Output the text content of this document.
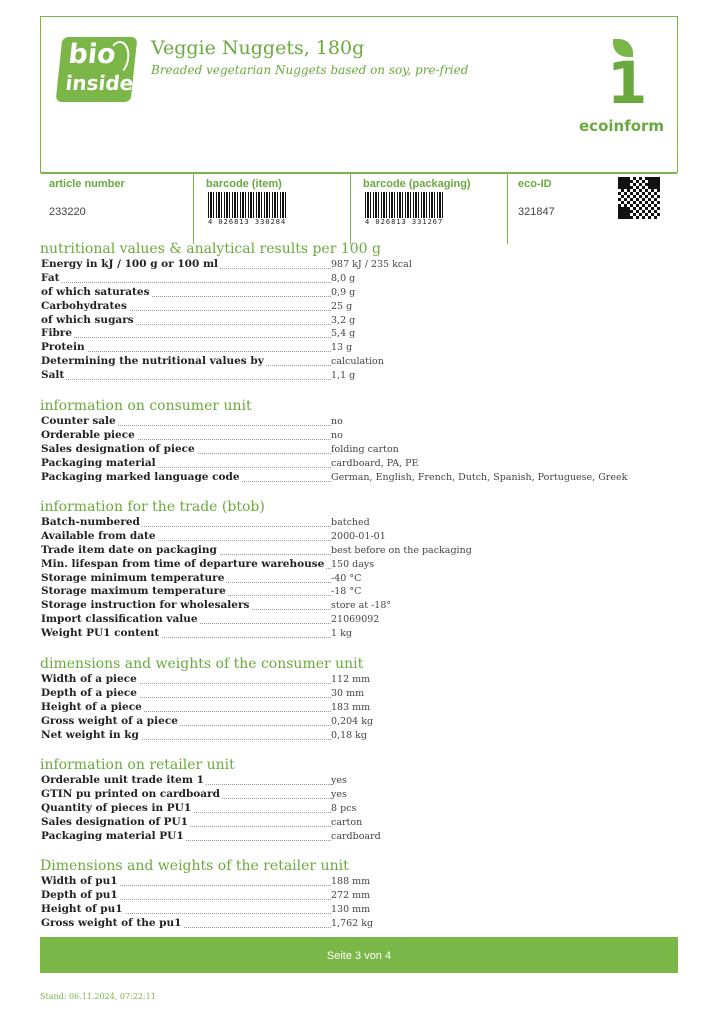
bio
inside
Veggie Nuggets, 180g
Breaded vegetarian Nuggets based on soy, pre-fried 1
ecoinform
article number
233220
barcode (item)
4 026813 330284
barcode (packaging)
4 026813 331267
eco-ID
321847
nutritional values & analytical results per 100 g
Energy in kJ / 100 g or 100 ml	987 kJ / 235 kcal
Fat	8,0 g
of which saturates	0,9 g
Carbohydrates	25 g
of which sugars	3,2 g
Fibre	5,4 g
Protein	13 g
Determining the nutritional values by	calculation
Salt	1,1 g
information on consumer unit
Counter sale	no
Orderable piece	no
Sales designation of piece	folding carton
Packaging material	cardboard, PA, PE
Packaging marked language code	German, English, French, Dutch, Spanish, Portuguese, Greek
information for the trade (btob)
Batch-numbered	batched
Available from date	2000-01-01
Trade item date on packaging	best before on the packaging
Min. lifespan from time of departure warehouse 150 days
Storage minimum temperature	-40 °C
Storage maximum temperature	-18 °C
Storage instruction for wholesalers	store at -18°
Import classification value	21069092
Weight PU1 content	1 kg
dimensions and weights of the consumer unit
Width of a piece	112 mm
Depth of a piece	30 mm
Height of a piece	183 mm
Gross weight of a piece	0,204 kg
Net weight in kg	0,18 kg
information on retailer unit
Orderable unit trade item 1	yes
GTIN pu printed on cardboard	yes
Quantity of pieces in PU1	8 pcs
Sales designation of PU1	carton
Packaging material PU1	cardboard
Dimensions and weights of the retailer unit
Width of pu1	188 mm
Depth of pu1	272 mm
Height of pu1	130 mm
Gross weight of the pu1	1,762 kg
Seite 3 von 4
Stand: 06.11.2024, 07:22:11
